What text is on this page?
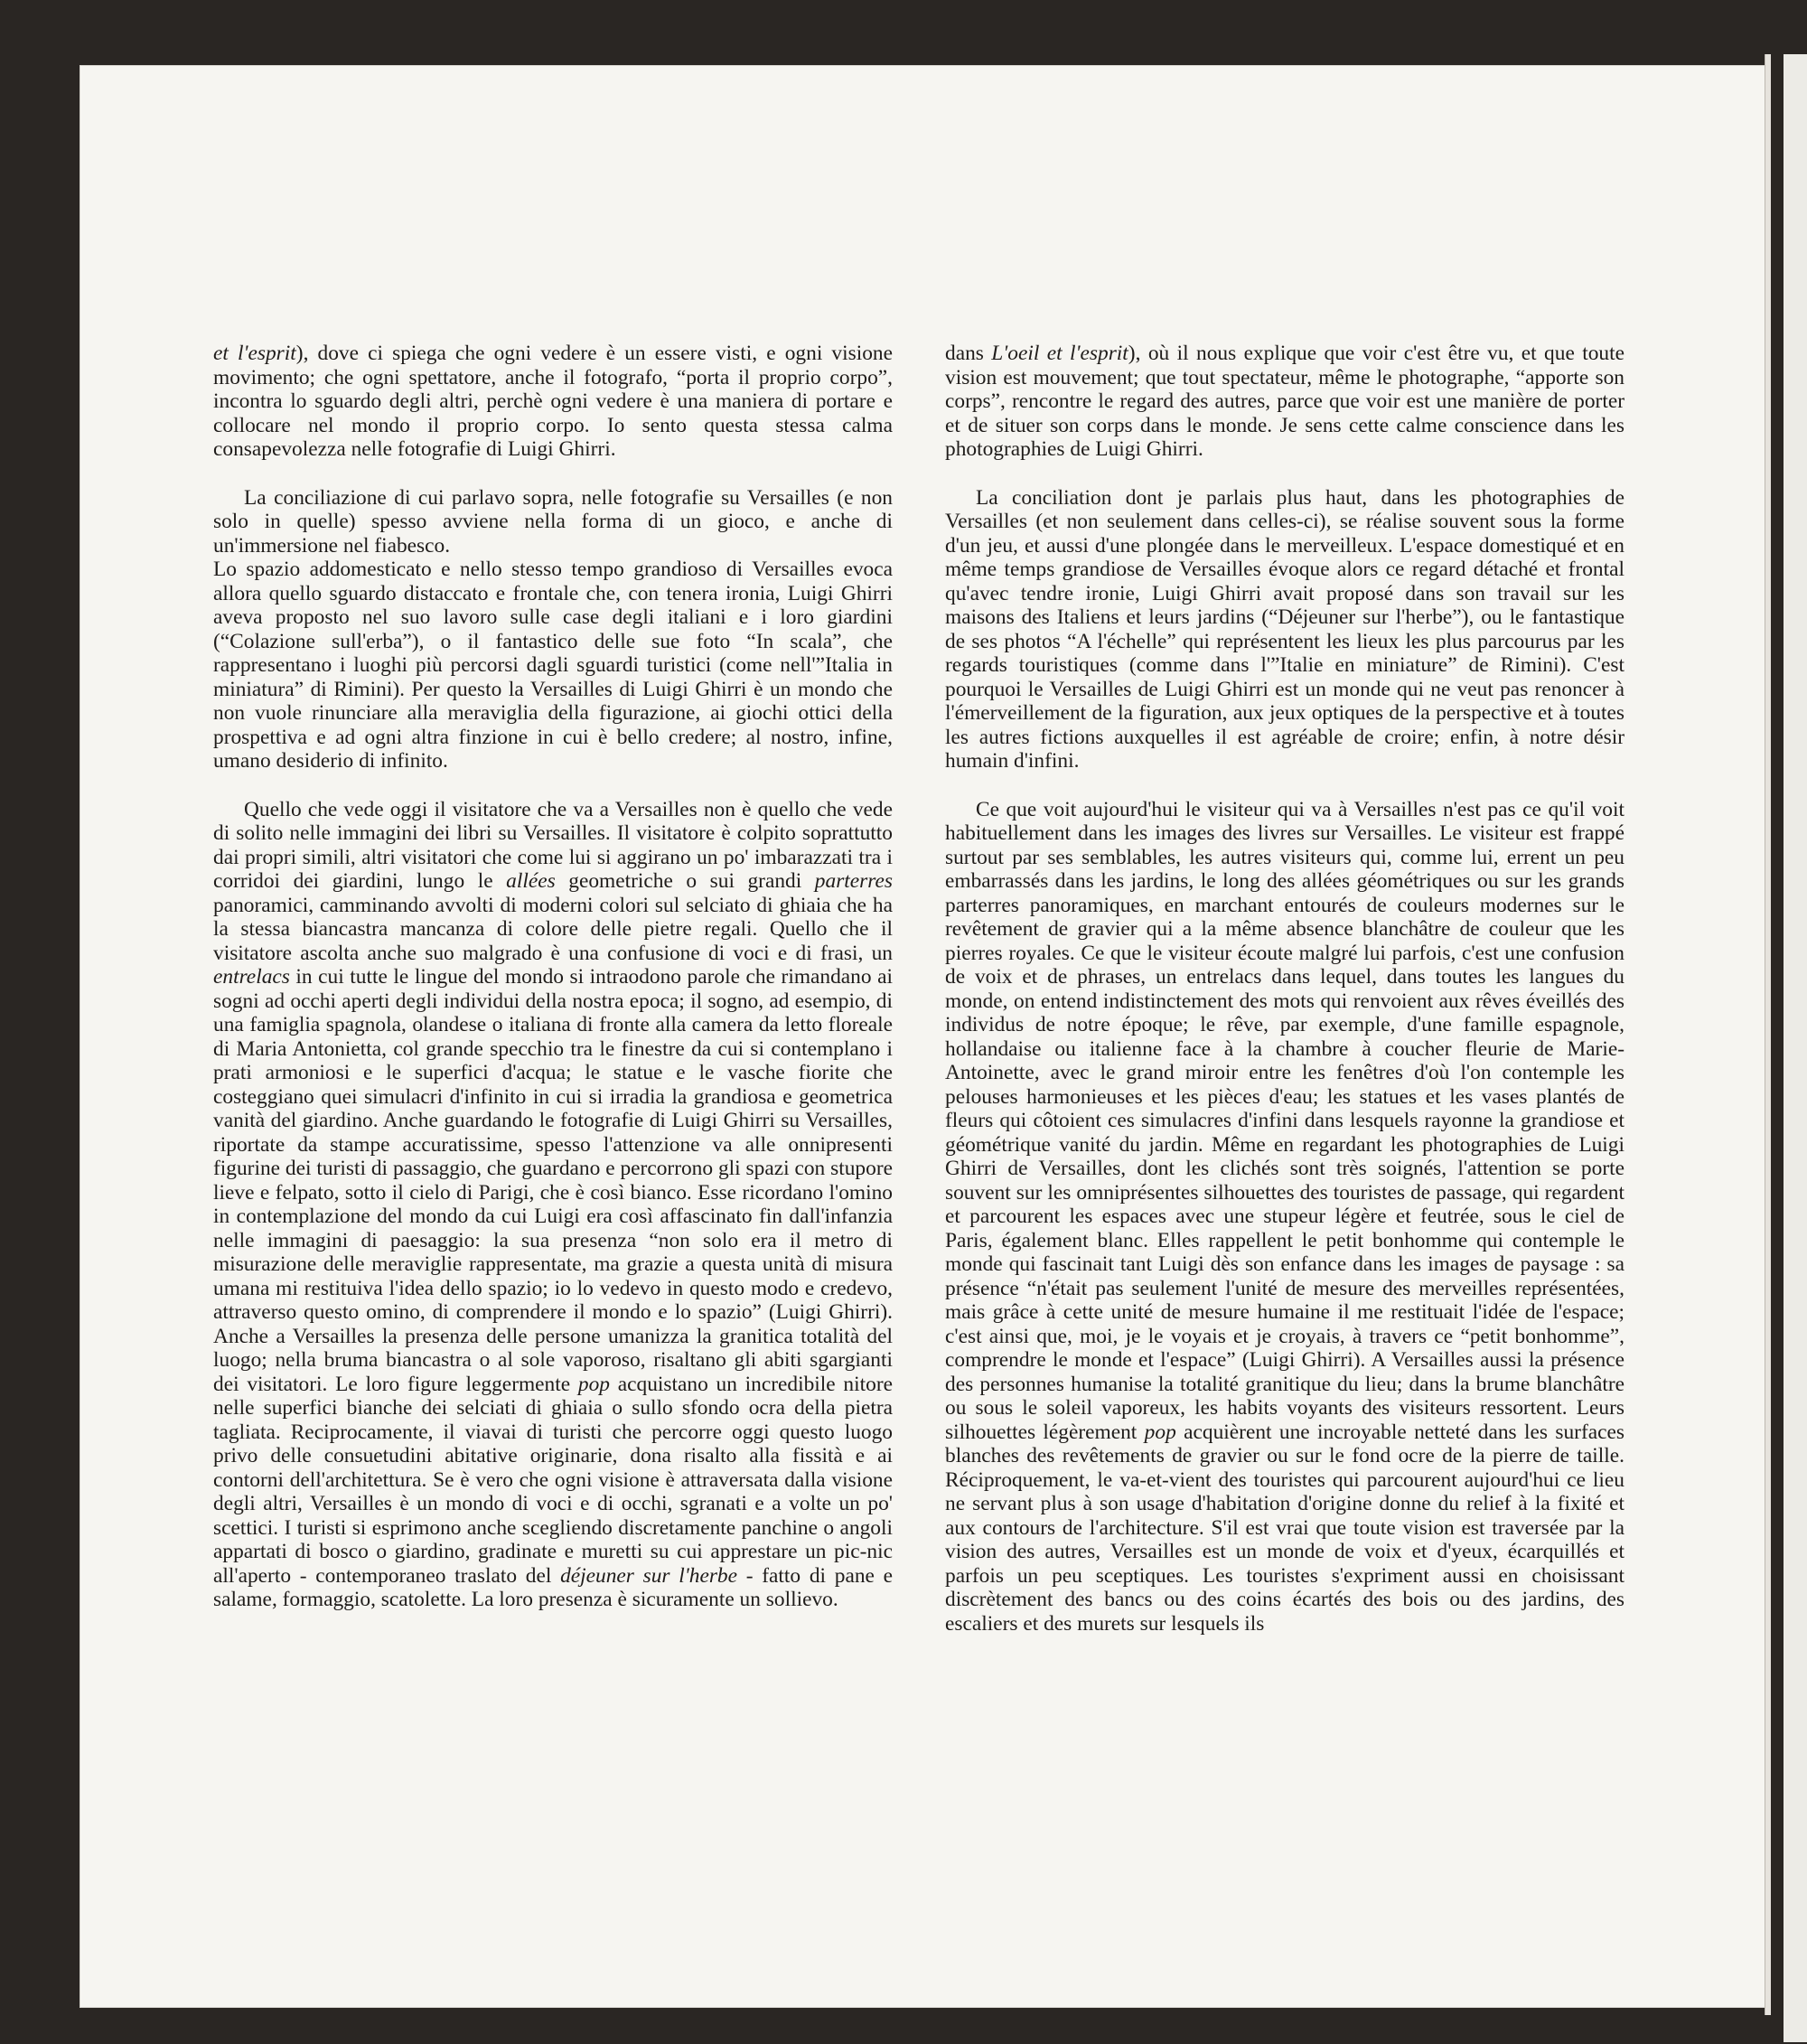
et l'esprit), dove ci spiega che ogni vedere è un essere visti, e ogni visione movimento; che ogni spettatore, anche il fotografo, “porta il proprio corpo”, incontra lo sguardo degli altri, perchè ogni vedere è una maniera di portare e collocare nel mondo il proprio corpo. Io sento questa stessa calma consapevolezza nelle fotografie di Luigi Ghirri.

La conciliazione di cui parlavo sopra, nelle fotografie su Versailles (e non solo in quelle) spesso avviene nella forma di un gioco, e anche di un'immersione nel fiabesco.

Lo spazio addomesticato e nello stesso tempo grandioso di Versailles evoca allora quello sguardo distaccato e frontale che, con tenera ironia, Luigi Ghirri aveva proposto nel suo lavoro sulle case degli italiani e i loro giardini (“Colazione sull'erba”), o il fantastico delle sue foto “In scala”, che rappresentano i luoghi più percorsi dagli sguardi turistici (come nell'”Italia in miniatura” di Rimini). Per questo la Versailles di Luigi Ghirri è un mondo che non vuole rinunciare alla meraviglia della figurazione, ai giochi ottici della prospettiva e ad ogni altra finzione in cui è bello credere; al nostro, infine, umano desiderio di infinito.

Quello che vede oggi il visitatore che va a Versailles non è quello che vede di solito nelle immagini dei libri su Versailles. Il visitatore è colpito soprattutto dai propri simili, altri visitatori che come lui si aggirano un po' imbarazzati tra i corridoi dei giardini, lungo le allées geometriche o sui grandi parterres panoramici, camminando avvolti di moderni colori sul selciato di ghiaia che ha la stessa biancastra mancanza di colore delle pietre regali. Quello che il visitatore ascolta anche suo malgrado è una confusione di voci e di frasi, un entrelacs in cui tutte le lingue del mondo si intraodono parole che rimandano ai sogni ad occhi aperti degli individui della nostra epoca; il sogno, ad esempio, di una famiglia spagnola, olandese o italiana di fronte alla camera da letto floreale di Maria Antonietta, col grande specchio tra le finestre da cui si contemplano i prati armoniosi e le superfici d'acqua; le statue e le vasche fiorite che costeggiano quei simulacri d'infinito in cui si irradia la grandiosa e geometrica vanità del giardino. Anche guardando le fotografie di Luigi Ghirri su Versailles, riportate da stampe accuratissime, spesso l'attenzione va alle onnipresenti figurine dei turisti di passaggio, che guardano e percorrono gli spazi con stupore lieve e felpato, sotto il cielo di Parigi, che è così bianco. Esse ricordano l'omino in contemplazione del mondo da cui Luigi era così affascinato fin dall'infanzia nelle immagini di paesaggio: la sua presenza “non solo era il metro di misurazione delle meraviglie rappresentate, ma grazie a questa unità di misura umana mi restituiva l'idea dello spazio; io lo vedevo in questo modo e credevo, attraverso questo omino, di comprendere il mondo e lo spazio” (Luigi Ghirri). Anche a Versailles la presenza delle persone umanizza la granitica totalità del luogo; nella bruma biancastra o al sole vaporoso, risaltano gli abiti sgargianti dei visitatori. Le loro figure leggermente pop acquistano un incredibile nitore nelle superfici bianche dei selciati di ghiaia o sullo sfondo ocra della pietra tagliata. Reciprocamente, il viavai di turisti che percorre oggi questo luogo privo delle consuetudini abitative originarie, dona risalto alla fissità e ai contorni dell'architettura. Se è vero che ogni visione è attraversata dalla visione degli altri, Versailles è un mondo di voci e di occhi, sgranati e a volte un po' scettici. I turisti si esprimono anche scegliendo discretamente panchine o angoli appartati di bosco o giardino, gradinate e muretti su cui apprestare un pic-nic all'aperto - contemporaneo traslato del déjeuner sur l'herbe - fatto di pane e salame, formaggio, scatolette. La loro presenza è sicuramente un sollievo.

dans L'oeil et l'esprit), où il nous explique que voir c'est être vu, et que toute vision est mouvement; que tout spectateur, même le photographe, “apporte son corps”, rencontre le regard des autres, parce que voir est une manière de porter et de situer son corps dans le monde. Je sens cette calme conscience dans les photographies de Luigi Ghirri.

La conciliation dont je parlais plus haut, dans les photographies de Versailles (et non seulement dans celles-ci), se réalise souvent sous la forme d'un jeu, et aussi d'une plongée dans le merveilleux. L'espace domestiqué et en même temps grandiose de Versailles évoque alors ce regard détaché et frontal qu'avec tendre ironie, Luigi Ghirri avait proposé dans son travail sur les maisons des Italiens et leurs jardins (“Déjeuner sur l'herbe”), ou le fantastique de ses photos “A l'échelle” qui représentent les lieux les plus parcourus par les regards touristiques (comme dans l'”Italie en miniature” de Rimini). C'est pourquoi le Versailles de Luigi Ghirri est un monde qui ne veut pas renoncer à l'émerveillement de la figuration, aux jeux optiques de la perspective et à toutes les autres fictions auxquelles il est agréable de croire; enfin, à notre désir humain d'infini.

Ce que voit aujourd'hui le visiteur qui va à Versailles n'est pas ce qu'il voit habituellement dans les images des livres sur Versailles. Le visiteur est frappé surtout par ses semblables, les autres visiteurs qui, comme lui, errent un peu embarrassés dans les jardins, le long des allées géométriques ou sur les grands parterres panoramiques, en marchant entourés de couleurs modernes sur le revêtement de gravier qui a la même absence blanchâtre de couleur que les pierres royales. Ce que le visiteur écoute malgré lui parfois, c'est une confusion de voix et de phrases, un entrelacs dans lequel, dans toutes les langues du monde, on entend indistinctement des mots qui renvoient aux rêves éveillés des individus de notre époque; le rêve, par exemple, d'une famille espagnole, hollandaise ou italienne face à la chambre à coucher fleurie de Marie-Antoinette, avec le grand miroir entre les fenêtres d'où l'on contemple les pelouses harmonieuses et les pièces d'eau; les statues et les vases plantés de fleurs qui côtoient ces simulacres d'infini dans lesquels rayonne la grandiose et géométrique vanité du jardin. Même en regardant les photographies de Luigi Ghirri de Versailles, dont les clichés sont très soignés, l'attention se porte souvent sur les omniprésentes silhouettes des touristes de passage, qui regardent et parcourent les espaces avec une stupeur légère et feutrée, sous le ciel de Paris, également blanc. Elles rappellent le petit bonhomme qui contemple le monde qui fascinait tant Luigi dès son enfance dans les images de paysage : sa présence “n'était pas seulement l'unité de mesure des merveilles représentées, mais grâce à cette unité de mesure humaine il me restituait l'idée de l'espace; c'est ainsi que, moi, je le voyais et je croyais, à travers ce “petit bonhomme”, comprendre le monde et l'espace” (Luigi Ghirri). A Versailles aussi la présence des personnes humanise la totalité granitique du lieu; dans la brume blanchâtre ou sous le soleil vaporeux, les habits voyants des visiteurs ressortent. Leurs silhouettes légèrement pop acquièrent une incroyable netteté dans les surfaces blanches des revêtements de gravier ou sur le fond ocre de la pierre de taille. Réciproquement, le va-et-vient des touristes qui parcourent aujourd'hui ce lieu ne servant plus à son usage d'habitation d'origine donne du relief à la fixité et aux contours de l'architecture. S'il est vrai que toute vision est traversée par la vision des autres, Versailles est un monde de voix et d'yeux, écarquillés et parfois un peu sceptiques. Les touristes s'expriment aussi en choisissant discrètement des bancs ou des coins écartés des bois ou des jardins, des escaliers et des murets sur lesquels ils
